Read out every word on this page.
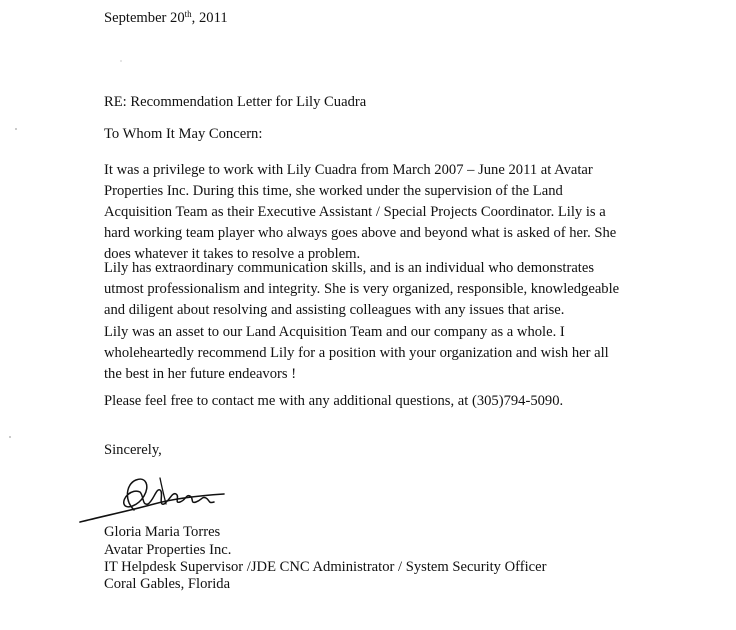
September 20th, 2011

RE: Recommendation Letter for Lily Cuadra

To Whom It May Concern:

It was a privilege to work with Lily Cuadra from March 2007 – June 2011 at Avatar
Properties Inc. During this time, she worked under the supervision of the Land
Acquisition Team as their Executive Assistant / Special Projects Coordinator. Lily is a
hard working team player who always goes above and beyond what is asked of her. She
does whatever it takes to resolve a problem.
Lily has extraordinary communication skills, and is an individual who demonstrates
utmost professionalism and integrity. She is very organized, responsible, knowledgeable
and diligent about resolving and assisting colleagues with any issues that arise.
Lily was an asset to our Land Acquisition Team and our company as a whole. I
wholeheartedly recommend Lily for a position with your organization and wish her all
the best in her future endeavors !
Please feel free to contact me with any additional questions, at (305)794-5090.

Sincerely,

Gloria Maria Torres

Avatar Properties Inc.

IT Helpdesk Supervisor /JDE CNC Administrator / System Security Officer

Coral Gables, Florida
